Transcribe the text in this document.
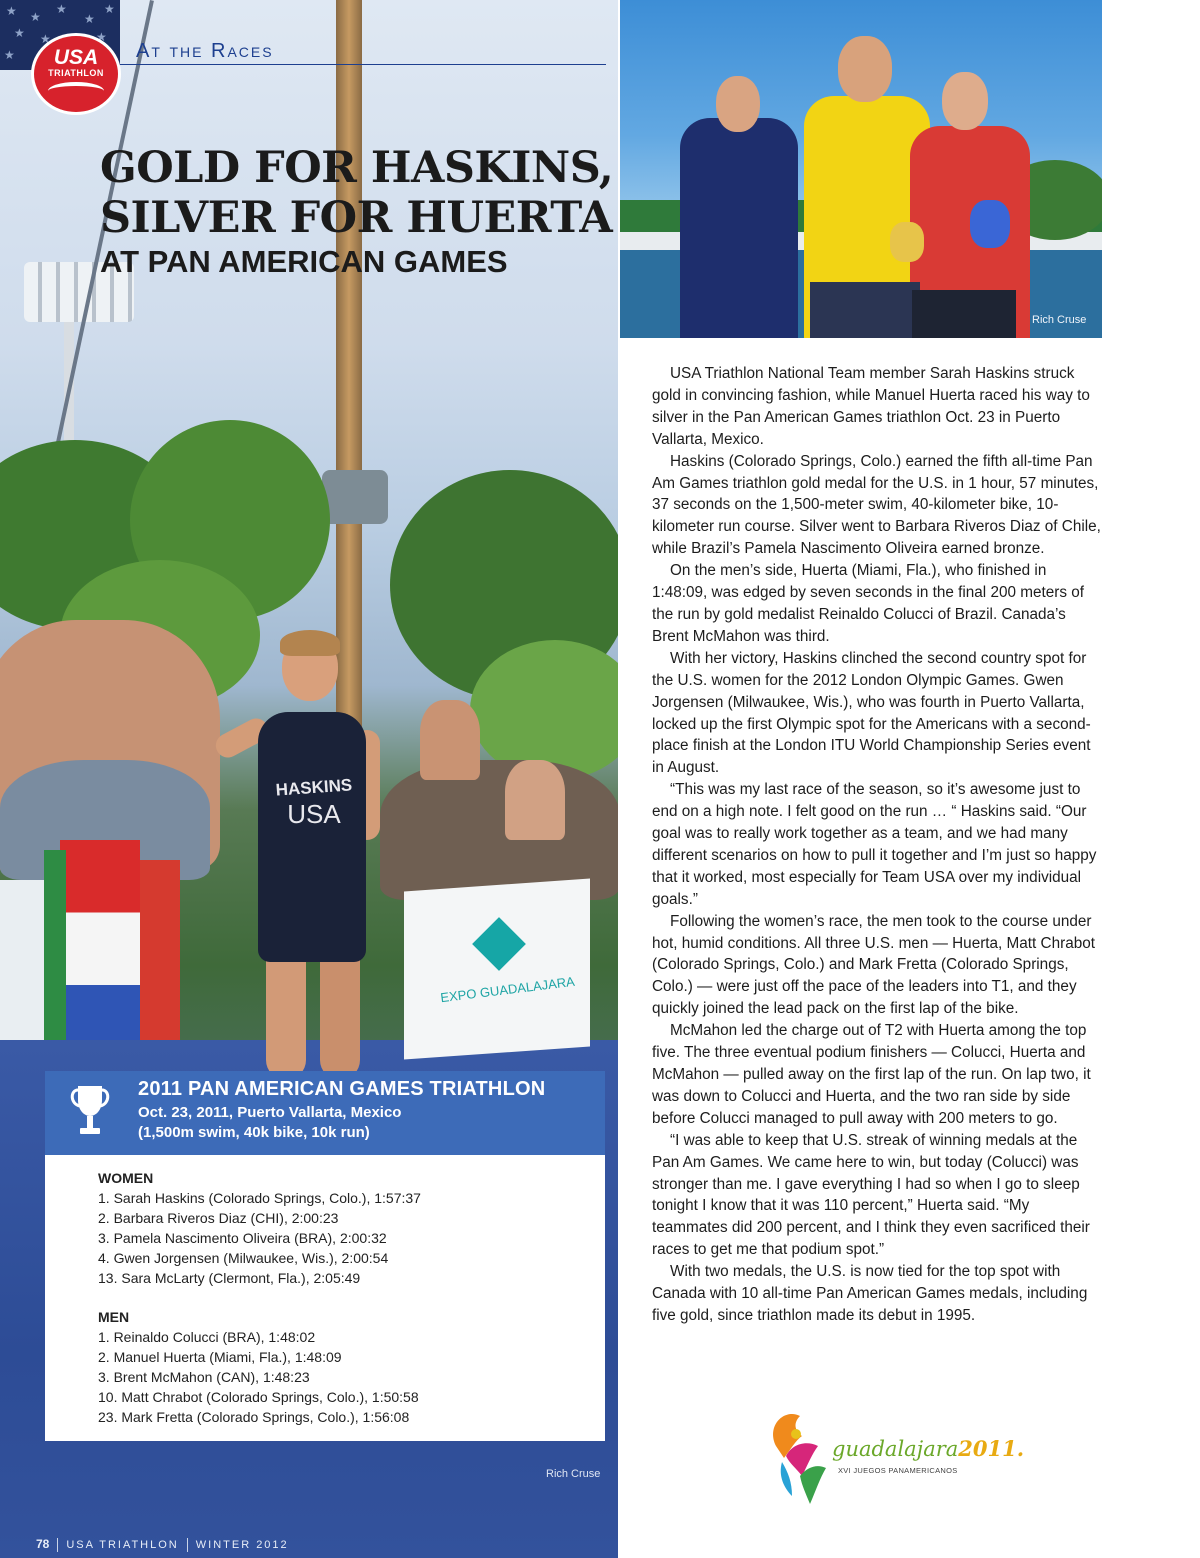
EXPO GUADALAJARA
HASKINS
USA
★ ★
★
★
★
★ ★
★
★
USA
TRIATHLON
At the Races
GOLD FOR HASKINS,
SILVER FOR HUERTA
AT PAN AMERICAN GAMES
2011 PAN AMERICAN GAMES TRIATHLON
Oct. 23, 2011, Puerto Vallarta, Mexico
(1,500m swim, 40k bike, 10k run)
WOMEN
1. Sarah Haskins (Colorado Springs, Colo.), 1:57:37
2. Barbara Riveros Diaz (CHI), 2:00:23
3. Pamela Nascimento Oliveira (BRA), 2:00:32
4. Gwen Jorgensen (Milwaukee, Wis.), 2:00:54
13. Sara McLarty (Clermont, Fla.), 2:05:49
MEN
1. Reinaldo Colucci (BRA), 1:48:02
2. Manuel Huerta (Miami, Fla.), 1:48:09
3. Brent McMahon (CAN), 1:48:23
10. Matt Chrabot (Colorado Springs, Colo.), 1:50:58
23. Mark Fretta (Colorado Springs, Colo.), 1:56:08
Rich Cruse
78 USA TRIATHLON WINTER 2012
Rich Cruse

USA Triathlon National Team member Sarah Haskins struck gold in convincing fashion, while Manuel Huerta raced his way to silver in the Pan American Games triathlon Oct. 23 in Puerto Vallarta, Mexico.

Haskins (Colorado Springs, Colo.) earned the fifth all-time Pan Am Games triathlon gold medal for the U.S. in 1 hour, 57 minutes, 37 seconds on the 1,500-meter swim, 40-kilometer bike, 10-kilometer run course. Silver went to Barbara Riveros Diaz of Chile, while Brazil’s Pamela Nascimento Oliveira earned bronze.

On the men’s side, Huerta (Miami, Fla.), who finished in 1:48:09, was edged by seven seconds in the final 200 meters of the run by gold medalist Reinaldo Colucci of Brazil. Canada’s Brent McMahon was third.

With her victory, Haskins clinched the second country spot for the U.S. women for the 2012 London Olympic Games. Gwen Jorgensen (Milwaukee, Wis.), who was fourth in Puerto Vallarta, locked up the first Olympic spot for the Americans with a second-place finish at the London ITU World Championship Series event in August.

“This was my last race of the season, so it’s awesome just to end on a high note. I felt good on the run … “ Haskins said. “Our goal was to really work together as a team, and we had many different scenarios on how to pull it together and I’m just so happy that it worked, most especially for Team USA over my individual goals.”

Following the women’s race, the men took to the course under hot, humid conditions. All three U.S. men — Huerta, Matt Chrabot (Colorado Springs, Colo.) and Mark Fretta (Colorado Springs, Colo.) — were just off the pace of the leaders into T1, and they quickly joined the lead pack on the first lap of the bike.

McMahon led the charge out of T2 with Huerta among the top five. The three eventual podium finishers — Colucci, Huerta and McMahon — pulled away on the first lap of the run. On lap two, it was down to Colucci and Huerta, and the two ran side by side before Colucci managed to pull away with 200 meters to go.

“I was able to keep that U.S. streak of winning medals at the Pan Am Games. We came here to win, but today (Colucci) was stronger than me. I gave everything I had so when I go to sleep tonight I know that it was 110 percent,” Huerta said. “My teammates did 200 percent, and I think they even sacrificed their races to get me that podium spot.”

With two medals, the U.S. is now tied for the top spot with Canada with 10 all-time Pan American Games medals, including five gold, since triathlon made its debut in 1995.

guadalajara2011.
XVI JUEGOS PANAMERICANOS
